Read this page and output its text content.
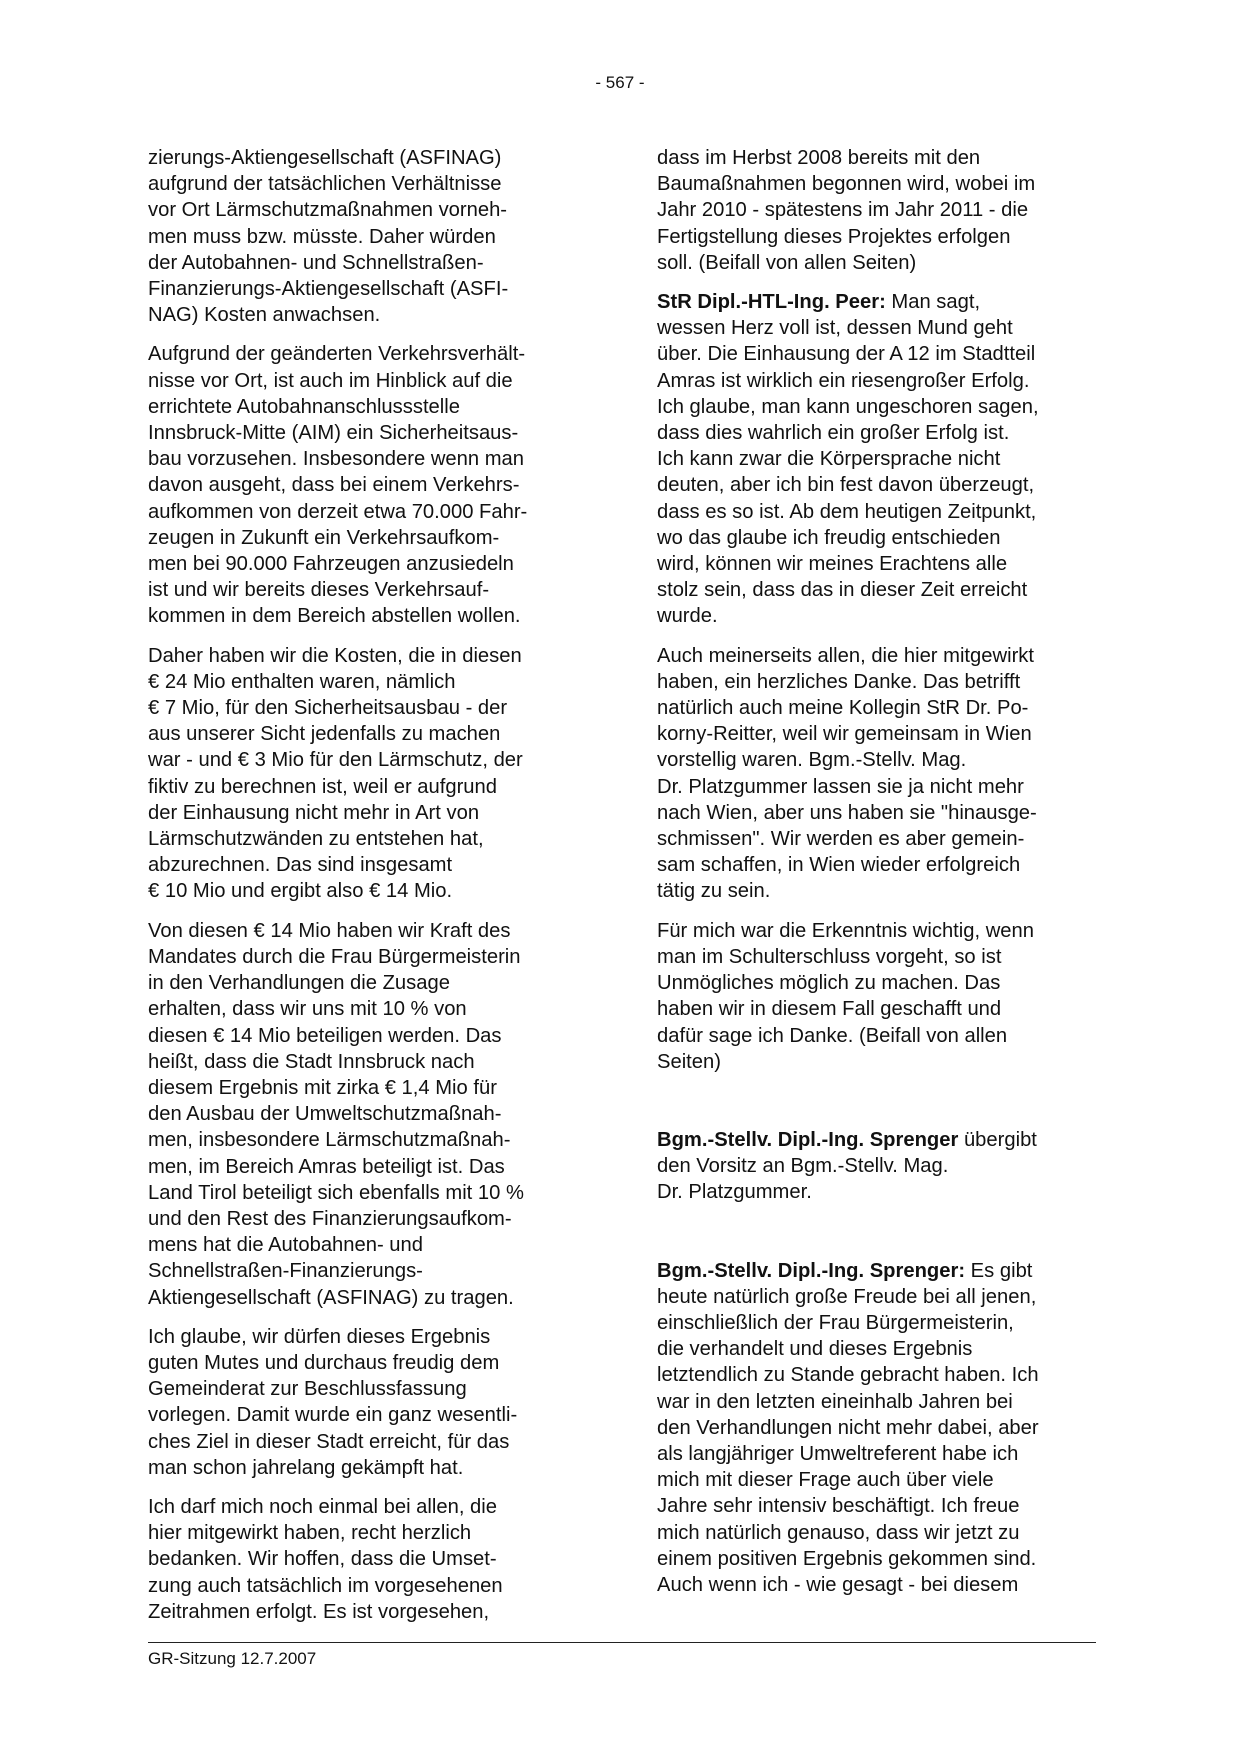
- 567 -

zierungs-Aktiengesellschaft (ASFINAG)
aufgrund der tatsächlichen Verhältnisse
vor Ort Lärmschutzmaßnahmen vorneh-
men muss bzw. müsste. Daher würden
der Autobahnen- und Schnellstraßen-
Finanzierungs-Aktiengesellschaft (ASFI-
NAG) Kosten anwachsen.

Aufgrund der geänderten Verkehrsverhält-
nisse vor Ort, ist auch im Hinblick auf die
errichtete Autobahnanschlussstelle
Innsbruck-Mitte (AIM) ein Sicherheitsaus-
bau vorzusehen. Insbesondere wenn man
davon ausgeht, dass bei einem Verkehrs-
aufkommen von derzeit etwa 70.000 Fahr-
zeugen in Zukunft ein Verkehrsaufkom-
men bei 90.000 Fahrzeugen anzusiedeln
ist und wir bereits dieses Verkehrsauf-
kommen in dem Bereich abstellen wollen.

Daher haben wir die Kosten, die in diesen
€ 24 Mio enthalten waren, nämlich
€ 7 Mio, für den Sicherheitsausbau - der
aus unserer Sicht jedenfalls zu machen
war - und € 3 Mio für den Lärmschutz, der
fiktiv zu berechnen ist, weil er aufgrund
der Einhausung nicht mehr in Art von
Lärmschutzwänden zu entstehen hat,
abzurechnen. Das sind insgesamt
€ 10 Mio und ergibt also € 14 Mio.

Von diesen € 14 Mio haben wir Kraft des
Mandates durch die Frau Bürgermeisterin
in den Verhandlungen die Zusage
erhalten, dass wir uns mit 10 % von
diesen € 14 Mio beteiligen werden. Das
heißt, dass die Stadt Innsbruck nach
diesem Ergebnis mit zirka € 1,4 Mio für
den Ausbau der Umweltschutzmaßnah-
men, insbesondere Lärmschutzmaßnah-
men, im Bereich Amras beteiligt ist. Das
Land Tirol beteiligt sich ebenfalls mit 10 %
und den Rest des Finanzierungsaufkom-
mens hat die Autobahnen- und
Schnellstraßen-Finanzierungs-
Aktiengesellschaft (ASFINAG) zu tragen.

Ich glaube, wir dürfen dieses Ergebnis
guten Mutes und durchaus freudig dem
Gemeinderat zur Beschlussfassung
vorlegen. Damit wurde ein ganz wesentli-
ches Ziel in dieser Stadt erreicht, für das
man schon jahrelang gekämpft hat.

Ich darf mich noch einmal bei allen, die
hier mitgewirkt haben, recht herzlich
bedanken. Wir hoffen, dass die Umset-
zung auch tatsächlich im vorgesehenen
Zeitrahmen erfolgt. Es ist vorgesehen,

dass im Herbst 2008 bereits mit den
Baumaßnahmen begonnen wird, wobei im
Jahr 2010 - spätestens im Jahr 2011 - die
Fertigstellung dieses Projektes erfolgen
soll. (Beifall von allen Seiten)

StR Dipl.-HTL-Ing. Peer: Man sagt,
wessen Herz voll ist, dessen Mund geht
über. Die Einhausung der A 12 im Stadtteil
Amras ist wirklich ein riesengroßer Erfolg.
Ich glaube, man kann ungeschoren sagen,
dass dies wahrlich ein großer Erfolg ist.
Ich kann zwar die Körpersprache nicht
deuten, aber ich bin fest davon überzeugt,
dass es so ist. Ab dem heutigen Zeitpunkt,
wo das glaube ich freudig entschieden
wird, können wir meines Erachtens alle
stolz sein, dass das in dieser Zeit erreicht
wurde.

Auch meinerseits allen, die hier mitgewirkt
haben, ein herzliches Danke. Das betrifft
natürlich auch meine Kollegin StR Dr. Po-
korny-Reitter, weil wir gemeinsam in Wien
vorstellig waren. Bgm.-Stellv. Mag.
Dr. Platzgummer lassen sie ja nicht mehr
nach Wien, aber uns haben sie "hinausge-
schmissen". Wir werden es aber gemein-
sam schaffen, in Wien wieder erfolgreich
tätig zu sein.

Für mich war die Erkenntnis wichtig, wenn
man im Schulterschluss vorgeht, so ist
Unmögliches möglich zu machen. Das
haben wir in diesem Fall geschafft und
dafür sage ich Danke. (Beifall von allen
Seiten)

Bgm.-Stellv. Dipl.-Ing. Sprenger übergibt
den Vorsitz an Bgm.-Stellv. Mag.
Dr. Platzgummer.

Bgm.-Stellv. Dipl.-Ing. Sprenger: Es gibt
heute natürlich große Freude bei all jenen,
einschließlich der Frau Bürgermeisterin,
die verhandelt und dieses Ergebnis
letztendlich zu Stande gebracht haben. Ich
war in den letzten eineinhalb Jahren bei
den Verhandlungen nicht mehr dabei, aber
als langjähriger Umweltreferent habe ich
mich mit dieser Frage auch über viele
Jahre sehr intensiv beschäftigt. Ich freue
mich natürlich genauso, dass wir jetzt zu
einem positiven Ergebnis gekommen sind.
Auch wenn ich - wie gesagt - bei diesem

GR-Sitzung 12.7.2007
